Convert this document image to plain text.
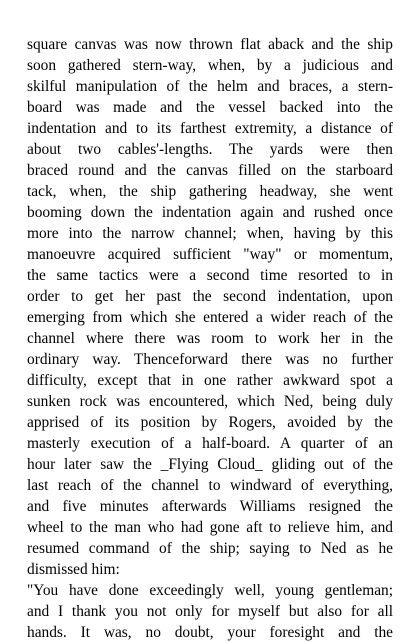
square canvas was now thrown flat aback and the ship
soon gathered stern-way, when, by a judicious and
skilful manipulation of the helm and braces, a stern-
board was made and the vessel backed into the
indentation and to its farthest extremity, a distance of
about two cables'-lengths. The yards were then
braced round and the canvas filled on the starboard
tack, when, the ship gathering headway, she went
booming down the indentation again and rushed once
more into the narrow channel; when, having by this
manoeuvre acquired sufficient "way" or momentum,
the same tactics were a second time resorted to in
order to get her past the second indentation, upon
emerging from which she entered a wider reach of the
channel where there was room to work her in the
ordinary way. Thenceforward there was no further
difficulty, except that in one rather awkward spot a
sunken rock was encountered, which Ned, being duly
apprised of its position by Rogers, avoided by the
masterly execution of a half-board. A quarter of an
hour later saw the _Flying Cloud_ gliding out of the
last reach of the channel to windward of everything,
and five minutes afterwards Williams resigned the
wheel to the man who had gone aft to relieve him, and
resumed command of the ship; saying to Ned as he
dismissed him:
"You have done exceedingly well, young gentleman;
and I thank you not only for myself but also for all
hands. It was, no doubt, your foresight and the
